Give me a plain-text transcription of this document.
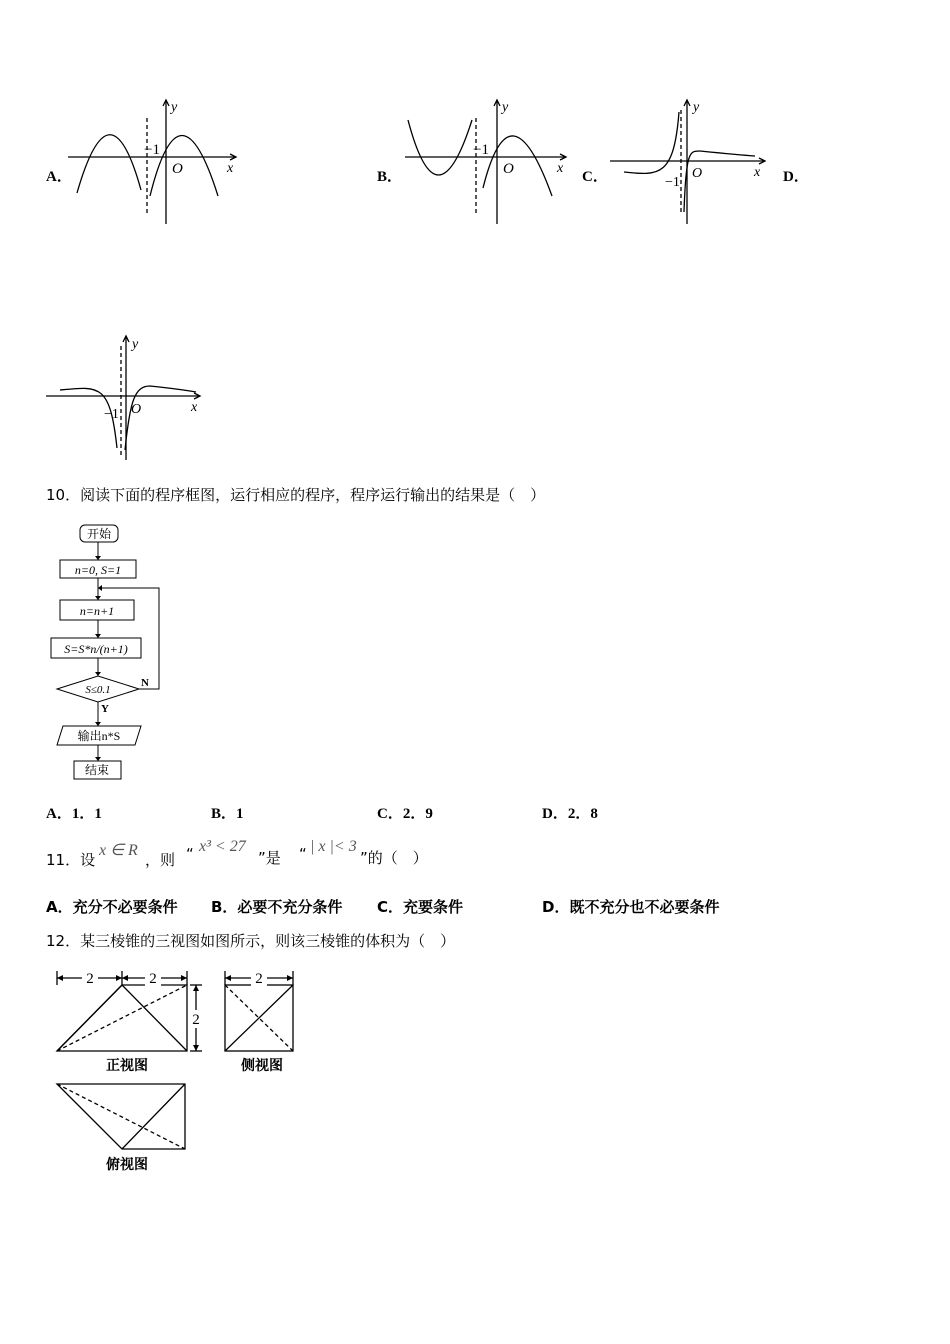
A．	B．	C．	D．
y
x
O
−1
y
x
O
−1
y
x
O
−1
y
x
O
−1
10．阅读下面的程序框图，运行相应的程序，程序运行输出的结果是（　）
开始
n=0, S=1
n=n+1
S=S*n/(n+1)
S≤0.1
N
Y
输出n*S
结束
A．1．1	B．1	C．2．9	D．2．8
11．设
x ∈ R
，则 “ x³ < 27
”是 “ | x |< 3
”的（　）
A．充分不必要条件 B．必要不充分条件 C．充要条件	D．既不充分也不必要条件
12．某三棱锥的三视图如图所示，则该三棱锥的体积为（　）
2	2	2
2
正视图	侧视图
俯视图
